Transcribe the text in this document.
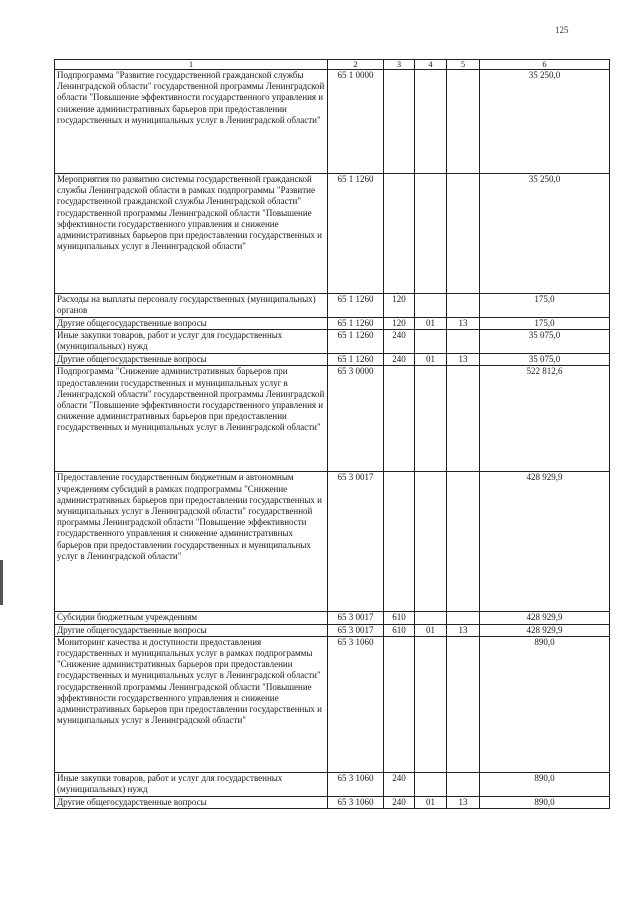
125
1	2	3	4	5	6
Подпрограмма "Развитие государственной гражданской службы Ленинградской области" государственной программы Ленинградской области "Повышение эффективности государственного управления и снижение административных барьеров при предоставлении государственных и муниципальных услуг в Ленинградской области"	65 1 0000				35 250,0
Мероприятия по развитию системы государственной гражданской службы Ленинградской области в рамках подпрограммы "Развитие государственной гражданской службы Ленинградской области" государственной программы Ленинградской области "Повышение эффективности государственного управления и снижение административных барьеров при предоставлении государственных и муниципальных услуг в Ленинградской области"	65 1 1260				35 250,0
Расходы на выплаты персоналу государственных (муниципальных) органов	65 1 1260	120			175,0
Другие общегосударственные вопросы	65 1 1260	120	01	13	175,0
Иные закупки товаров, работ и услуг для государственных (муниципальных) нужд	65 1 1260	240			35 075,0
Другие общегосударственные вопросы	65 1 1260	240	01	13	35 075,0
Подпрограмма "Снижение административных барьеров при предоставлении государственных и муниципальных услуг в Ленинградской области" государственной программы Ленинградской области "Повышение эффективности государственного управления и снижение административных барьеров при предоставлении государственных и муниципальных услуг в Ленинградской области"	65 3 0000				522 812,6
Предоставление государственным бюджетным и автономным учреждениям субсидий в рамках подпрограммы "Снижение административных барьеров при предоставлении государственных и муниципальных услуг в Ленинградской области" государственной программы Ленинградской области "Повышение эффективности государственного управления и снижение административных барьеров при предоставлении государственных и муниципальных услуг в Ленинградской области"	65 3 0017				428 929,9
Субсидии бюджетным учреждениям	65 3 0017	610			428 929,9
Другие общегосударственные вопросы	65 3 0017	610	01	13	428 929,9
Мониторинг качества и доступности предоставления государственных и муниципальных услуг в рамках подпрограммы "Снижение административных барьеров при предоставлении государственных и муниципальных услуг в Ленинградской области" государственной программы Ленинградской области "Повышение эффективности государственного управления и снижение административных барьеров при предоставлении государственных и муниципальных услуг в Ленинградской области"	65 3 1060				890,0
Иные закупки товаров, работ и услуг для государственных (муниципальных) нужд	65 3 1060	240			890,0
Другие общегосударственные вопросы	65 3 1060	240	01	13	890,0
